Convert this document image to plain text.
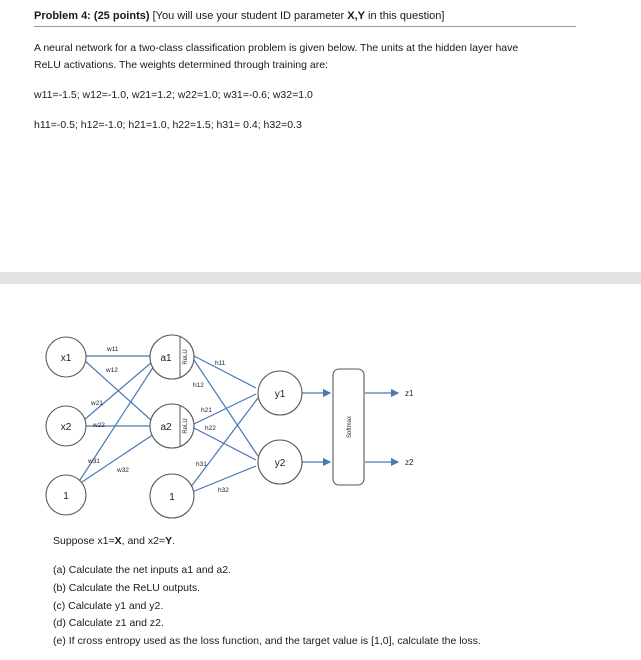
Problem 4: (25 points) [You will use your student ID parameter X,Y in this question]
A neural network for a two-class classification problem is given below. The units at the hidden layer have
ReLU activations. The weights determined through training are:
w11=-1.5; w12=-1.0, w21=1.2; w22=1.0; w31=-0.6; w32=1.0
h11=-0.5; h12=-1.0; h21=1.0, h22=1.5; h31= 0.4; h32=0.3
x1
x2
1
a1 ReLU
a2 ReLU
1
y1
y2
Softmax
z1
z2
w11
w12
w21
w22
w31
w32
h11
h12
h21
h22
h31
h32
Suppose x1=X, and x2=Y.
(a) Calculate the net inputs a1 and a2.
(b) Calculate the ReLU outputs.
(c) Calculate y1 and y2.
(d) Calculate z1 and z2.
(e) If cross entropy used as the loss function, and the target value is [1,0], calculate the loss.
